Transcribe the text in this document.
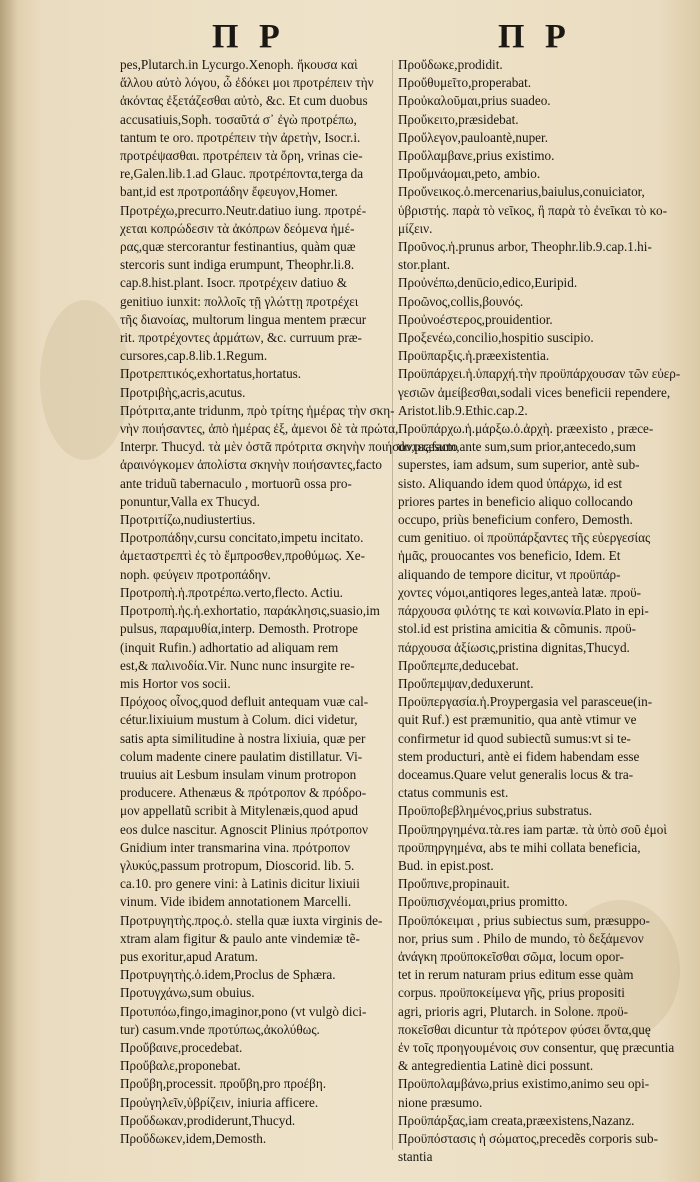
Π Ρ	Π Ρ
pes,Plutarch.in Lycurgo.Xenoph. ἤκουσα καὶ
ἄλλου αὐτὸ λόγου, ὦ ἐδόκει μοι προτρέπειν τὴν
ἀκόντας ἐξετάζεσθαι αὐτὸ, &c. Et cum duobus
accusatiuis,Soph. τοσαῦτά σ᾽ ἐγὼ προτρέπω,
tantum te oro. προτρέπειν τὴν ἀρετὴν, Isocr.i.
προτρέψασθαι. προτρέπειν τὰ ὄρη, vrinas cie-
re,Galen.lib.1.ad Glauc. προτρέποντα,terga da
bant,id est προτροπάδην ἔφευγον,Homer.
Προτρέχω,precurro.Neutr.datiuo iung. προτρέ-
χεται κοπρώδεσιν τὰ ἀκόπρων δεόμενα ἡμέ-
ρας,quæ stercorantur festinantius, quàm quæ
stercoris sunt indiga erumpunt, Theophr.li.8.
cap.8.hist.plant. Isocr. προτρέχειν datiuo &
genitiuo iunxit: πολλοῖς τῇ γλώττῃ προτρέχει
τῆς διανοίας, multorum lingua mentem præcur
rit. προτρέχοντες ἁρμάτων, &c. curruum præ-
cursores,cap.8.lib.1.Regum.
Προτρεπτικός,exhortatus,hortatus.
Προτριβὴς,acris,acutus.
Πρότριτα,ante tridunm, πρὸ τρίτης ἡμέρας τὴν σκη-
νὴν ποιήσαντες, ἀπὸ ἡμέρας ἐξ, ἀμενοι δὲ τὰ πρώτα,
Interpr. Thucyd. τὰ μὲν ὀστᾶ πρότριτα σκηνὴν ποιήσαντες,facto
ἀραινόγκομεν ἀπολίστα σκηνὴν ποιήσαντες,facto
ante triduũ tabernaculo , mortuorũ ossa pro-
ponuntur,Valla ex Thucyd.
Προτριτίζω,nudiustertius.
Προτροπάδην,cursu concitato,impetu incitato.
ἀμεταστρεπτὶ ἐς τὸ ἔμπροσθεν,προθύμως. Xe-
noph. φεύγειν προτροπάδην.
Προτροπὴ.ἡ.προτρέπω.verto,flecto. Actiu.
Προτροπὴ.ἡς.ἡ.exhortatio, παράκλησις,suasio,im
pulsus, παραμυθία,interp. Demosth. Protrope
(inquit Rufin.) adhortatio ad aliquam rem
est,& παλινοδία.Vir. Nunc nunc insurgite re-
mis Hortor vos socii.
Πρόχοος οἶνος,quod defluit antequam vuæ cal-
cétur.lixiuium mustum à Colum. dici videtur,
satis apta similitudine à nostra lixiuia, quæ per
colum madente cinere paulatim distillatur. Vi-
truuius ait Lesbum insulam vinum protropon
producere. Athenæus & πρότροπον & πρόδρο-
μον appellatũ scribit à Mitylenæis,quod apud
eos dulce nascitur. Agnoscit Plinius πρότροπον
Gnidium inter transmarina vina. πρότροπον
γλυκύς,passum protropum, Dioscorid. lib. 5.
ca.10. pro genere vini: à Latinis dicitur lixiuii
vinum. Vide ibidem annotationem Marcelli.
Προτρυγητὴς.προς.ὁ. stella quæ iuxta virginis de-
xtram alam figitur & paulo ante vindemiæ tẽ-
pus exoritur,apud Aratum.
Προτρυγητὴς.ὁ.idem,Proclus de Sphæra.
Προτυγχάνω,sum obuius.
Προτυπόω,fingo,imaginor,pono (vt vulgò dici-
tur) casum.vnde προτύπως,ἀκολύθως.
Προὔβαινε,procedebat.
Προὔβαλε,proponebat.
Προὔβη,processit. προὔβη,pro προέβη.
Προὐγηλεῖν,ὑβρίζειν, iniuria afficere.
Προὔδωκαν,prodiderunt,Thucyd.
Προὔδωκεν,idem,Demosth.
Προὔδωκε,prodidit.
Προὔθυμεῖτο,properabat.
Προὐκαλοῦμαι,prius suadeo.
Προὔκειτο,præsidebat.
Προὔλεγον,pauloantè,nuper.
Προὔλαμβανε,prius existimo.
Προὔμνάομαι,peto, ambio.
Προὔνεικος.ὁ.mercenarius,baiulus,conuiciator,
ὑβριστής. παρὰ τὸ νεῖκος, ἢ παρὰ τὸ ἐνεῖκαι τὸ κο-
μίζειν.
Προῦνος.ἡ.prunus arbor, Theophr.lib.9.cap.1.hi-
stor.plant.
Προὐνέπω,denūcio,edico,Euripid.
Προῶνος,collis,βουνός.
Προὐνοέστερος,prouidentior.
Προξενέω,concilio,hospitio suscipio.
Προϋπαρξις.ἡ.præexistentia.
Προϋπάρχει.ἡ.ὑπαρχή.τὴν προϋπάρχουσαν τῶν εὐερ-
γεσιῶν ἀμείβεσθαι,sodali vices beneficii rependere,
Aristot.lib.9.Ethic.cap.2.
Προϋπάρχω.ἡ.μάρξω.ὁ.ἀρχὴ. præexisto , præce-
do,præsum,ante sum,sum prior,antecedo,sum
superstes, iam adsum, sum superior, antè sub-
sisto. Aliquando idem quod ὑπάρχω, id est
priores partes in beneficio aliquo collocando
occupo, priùs beneficium confero, Demosth.
cum genitiuo. οἱ προϋπάρξαντες τῆς εὐεργεσίας
ἡμᾶς, prouocantes vos beneficio, Idem. Et
aliquando de tempore dicitur, vt προϋπάρ-
χοντες νόμοι,antiqores leges,anteà latæ. προϋ-
πάρχουσα φιλότης τε καὶ κοινωνία.Plato in epi-
stol.id est pristina amicitia & cõmunis. προϋ-
πάρχουσα ἀξίωσις,pristina dignitas,Thucyd.
Προὔπεμπε,deducebat.
Προὔπεμψαν,deduxerunt.
Προϋπεργασία.ἡ.Proypergasia vel parasceue(in-
quit Ruf.) est præmunitio, qua antè vtimur ve
confirmetur id quod subiectũ sumus:vt si te-
stem producturi, antè ei fidem habendam esse
doceamus.Quare velut generalis locus & tra-
ctatus communis est.
Προϋποβεβλημένος,prius substratus.
Προϋπηργημένα.τὰ.res iam partæ. τὰ ὑπὸ σοῦ ἐμοὶ
προϋπηργημένα, abs te mihi collata beneficia,
Bud. in epist.post.
Προὔπινε,propinauit.
Προϋπισχνέομαι,prius promitto.
Προϋπόκειμαι , prius subiectus sum, præsuppo-
nor, prius sum . Philo de mundo, τὸ δεξάμενον
ἀνάγκη προϋποκεῖσθαι σῶμα, locum opor-
tet in rerum naturam prius editum esse quàm
corpus. προϋποκείμενα γῆς, prius propositi
agri, prioris agri, Plutarch. in Solone. προϋ-
ποκεῖσθαι dicuntur τὰ πρότερον φύσει ὄντα,quę
ἐν τοῖς προηγουμένοις συν consentur, quę præcuntia
& antegredientia Latinè dici possunt.
Προϋπολαμβάνω,prius existimo,animo seu opi-
nione præsumo.
Προϋπάρξας,iam creata,præexistens,Nazanz.
Προϋπόστασις ἡ σώματος,precedẽs corporis sub-
stantia
